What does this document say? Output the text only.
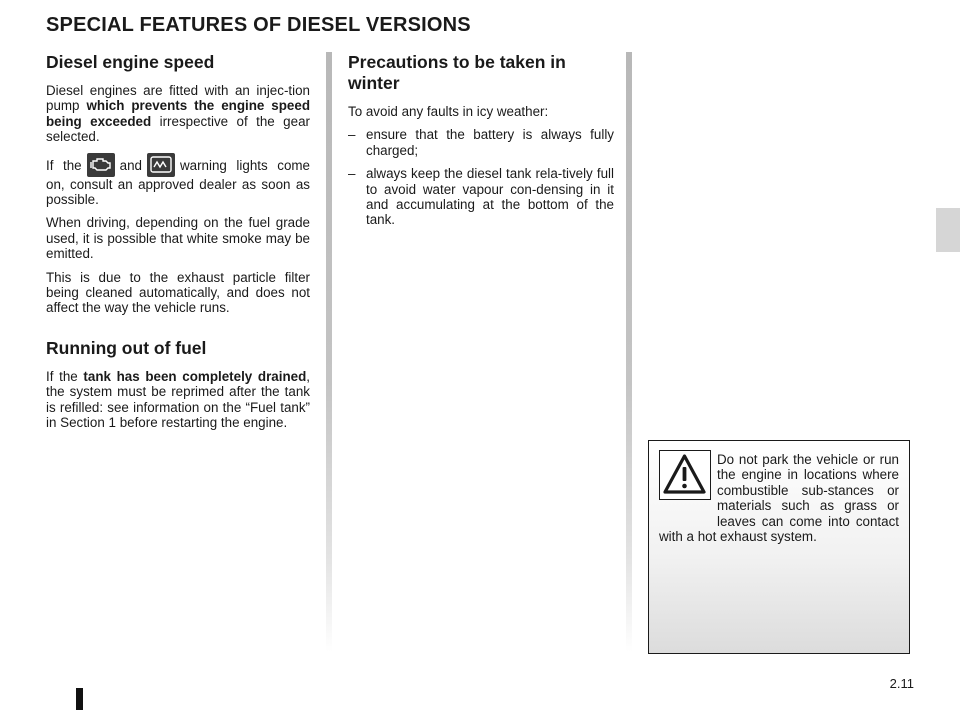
SPECIAL FEATURES OF DIESEL VERSIONS
Diesel engine speed

Diesel engines are fitted with an injec-tion pump which prevents the engine speed being exceeded irrespective of the gear selected.

If the	and	warning lights come on, consult an approved dealer as soon as possible.

When driving, depending on the fuel grade used, it is possible that white smoke may be emitted.

This is due to the exhaust particle filter being cleaned automatically, and does not affect the way the vehicle runs.

Running out of fuel

If the tank has been completely drained, the system must be reprimed after the tank is refilled: see information on the “Fuel tank” in Section 1 before restarting the engine.

Precautions to be taken in winter

To avoid any faults in icy weather:

– ensure that the battery is always fully charged;
– always keep the diesel tank rela-tively full to avoid water vapour con-densing in it and accumulating at the bottom of the tank.
Do not park the vehicle or run the engine in locations where combustible sub-stances or materials such as grass or leaves can come into contact with a hot exhaust system.
2.11
